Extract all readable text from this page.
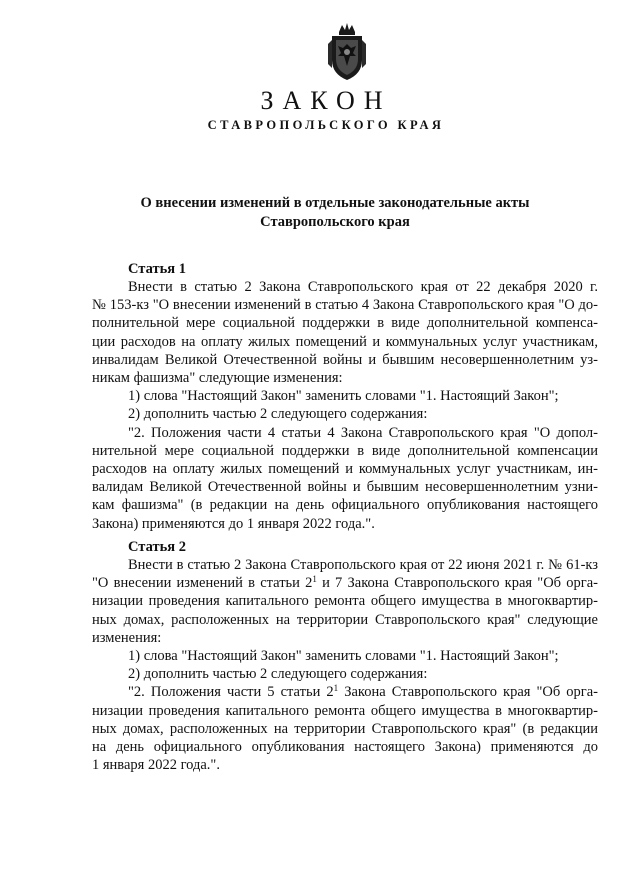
ЗАКОН
СТАВРОПОЛЬСКОГО КРАЯ
О внесении изменений в отдельные законодательные акты
Ставропольского края
Статья 1
Внести в статью 2 Закона Ставропольского края от 22 декабря 2020 г.
№ 153-кз "О внесении изменений в статью 4 Закона Ставропольского края "О до-
полнительной мере социальной поддержки в виде дополнительной компенса-
ции расходов на оплату жилых помещений и коммунальных услуг участникам,
инвалидам Великой Отечественной войны и бывшим несовершеннолетним уз-
никам фашизма" следующие изменения:
1) слова "Настоящий Закон" заменить словами "1. Настоящий Закон";
2) дополнить частью 2 следующего содержания:
"2. Положения части 4 статьи 4 Закона Ставропольского края "О допол-
нительной мере социальной поддержки в виде дополнительной компенсации
расходов на оплату жилых помещений и коммунальных услуг участникам, ин-
валидам Великой Отечественной войны и бывшим несовершеннолетним узни-
кам фашизма" (в редакции на день официального опубликования настоящего
Закона) применяются до 1 января 2022 года.".
Статья 2
Внести в статью 2 Закона Ставропольского края от 22 июня 2021 г. № 61-кз
"О внесении изменений в статьи $2^1$ и 7 Закона Ставропольского края "Об орга-
низации проведения капитального ремонта общего имущества в многоквартир-
ных домах, расположенных на территории Ставропольского края" следующие
изменения:
1) слова "Настоящий Закон" заменить словами "1. Настоящий Закон";
2) дополнить частью 2 следующего содержания:
"2. Положения части 5 статьи $2^1$ Закона Ставропольского края "Об орга-
низации проведения капитального ремонта общего имущества в многоквартир-
ных домах, расположенных на территории Ставропольского края" (в редакции
на день официального опубликования настоящего Закона) применяются до
1 января 2022 года.".
